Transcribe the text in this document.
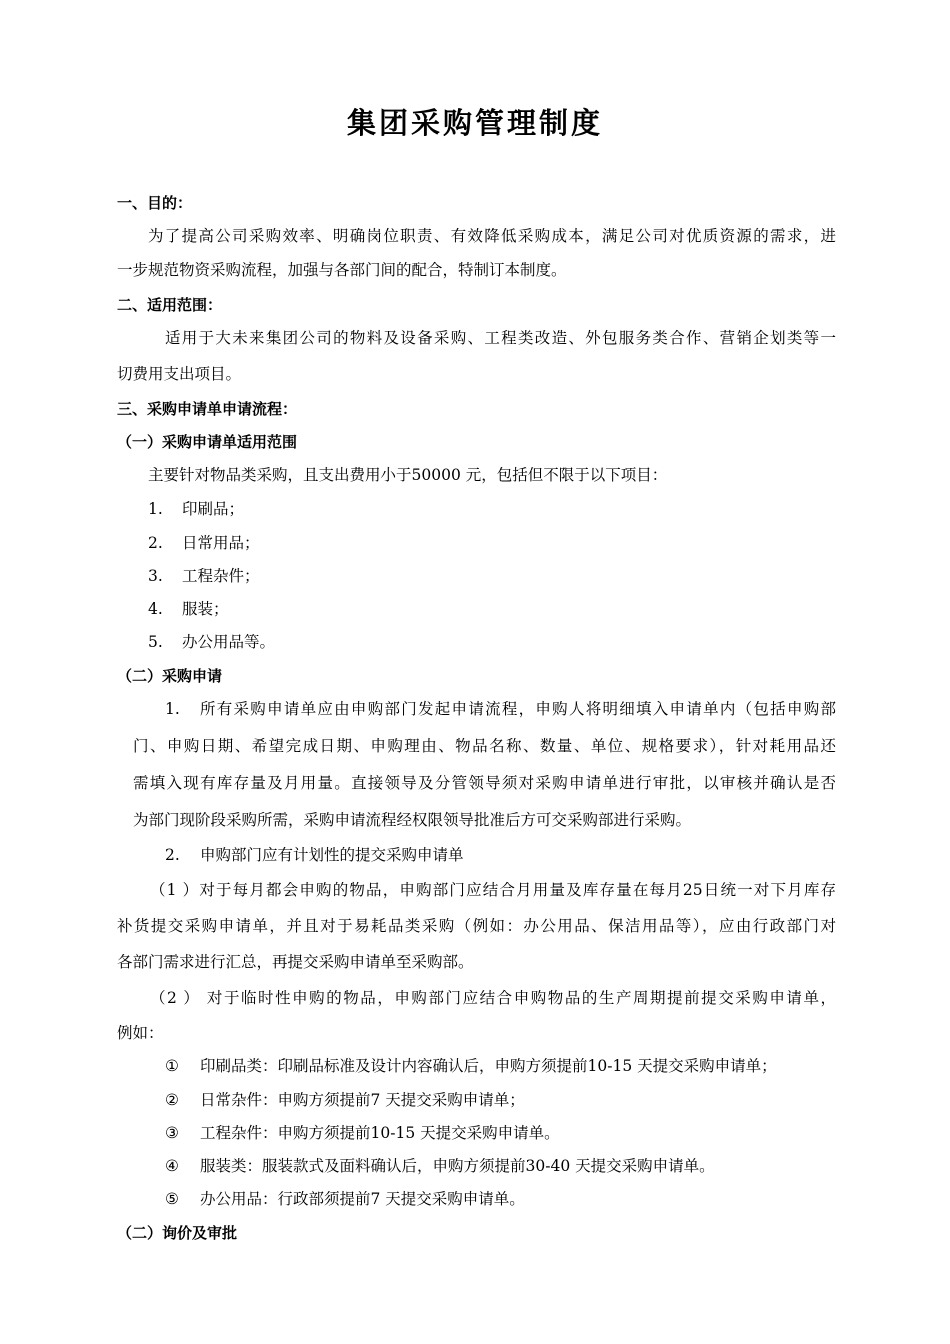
集团采购管理制度

一、目的：

为了提高公司采购效率、明确岗位职责、有效降低采购成本，满足公司对优质资源的需求，进

一步规范物资采购流程，加强与各部门间的配合，特制订本制度。

二、适用范围：

适用于大未来集团公司的物料及设备采购、工程类改造、外包服务类合作、营销企划类等一

切费用支出项目。

三、采购申请单申请流程：

（一）采购申请单适用范围

主要针对物品类采购，且支出费用小于50000 元，包括但不限于以下项目：

1.	印刷品；

2.	日常用品；

3.	工程杂件；

4.	服装；

5.	办公用品等。

（二）采购申请

1.	所有采购申请单应由申购部门发起申请流程，申购人将明细填入申请单内（包括申购部

门、申购日期、希望完成日期、申购理由、物品名称、数量、单位、规格要求），针对耗用品还

需填入现有库存量及月用量。直接领导及分管领导须对采购申请单进行审批，以审核并确认是否

为部门现阶段采购所需，采购申请流程经权限领导批准后方可交采购部进行采购。

2.	申购部门应有计划性的提交采购申请单

（1 ）对于每月都会申购的物品，申购部门应结合月用量及库存量在每月25日统一对下月库存

补货提交采购申请单，并且对于易耗品类采购（例如：办公用品、保洁用品等），应由行政部门对

各部门需求进行汇总，再提交采购申请单至采购部。

（2 ） 对于临时性申购的物品，申购部门应结合申购物品的生产周期提前提交采购申请单，

例如：

①	印刷品类：印刷品标准及设计内容确认后，申购方须提前10-15 天提交采购申请单；

②	日常杂件：申购方须提前7 天提交采购申请单；

③	工程杂件：申购方须提前10-15 天提交采购申请单。

④	服装类：服装款式及面料确认后，申购方须提前30-40 天提交采购申请单。

⑤	办公用品：行政部须提前7 天提交采购申请单。

（二）询价及审批
